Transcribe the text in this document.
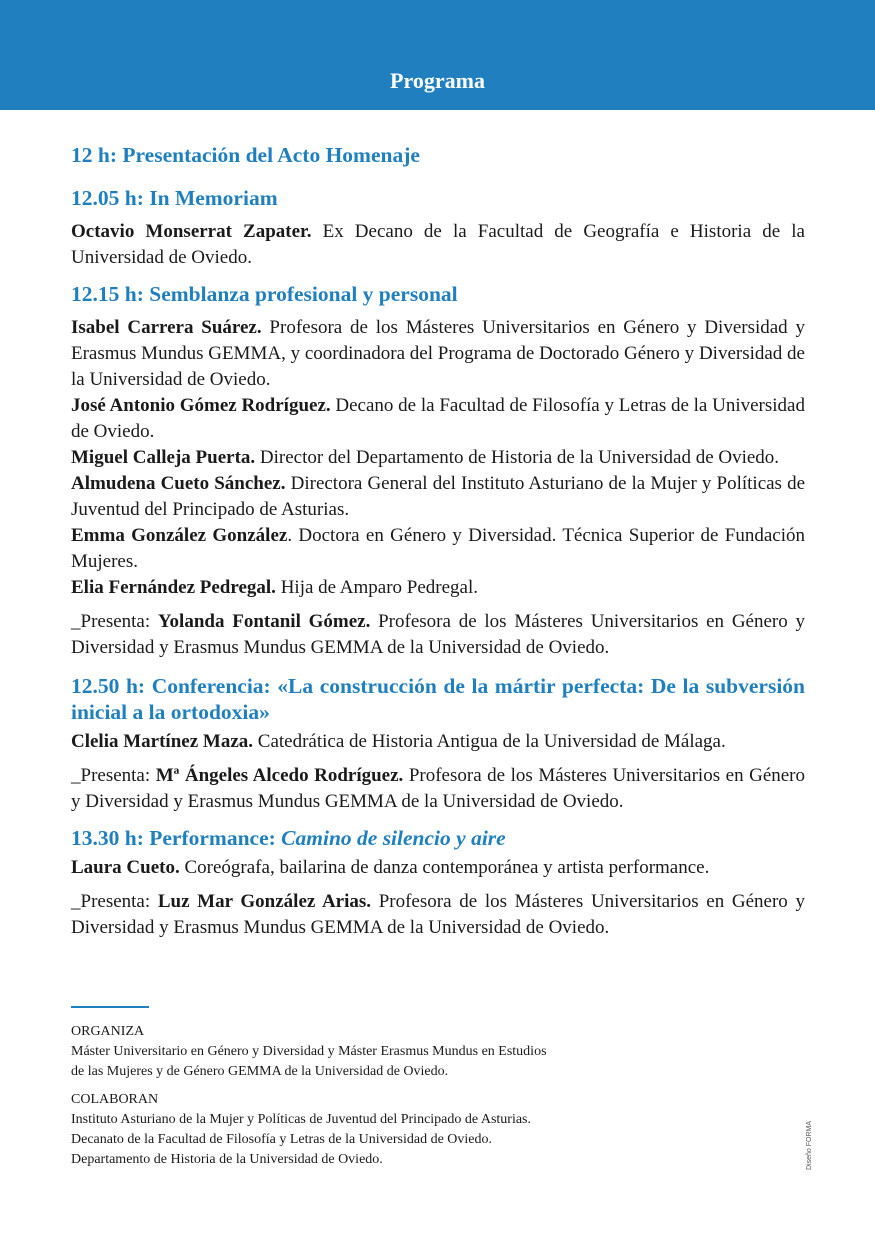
Programa
12 h: Presentación del Acto Homenaje
12.05 h: In Memoriam

Octavio Monserrat Zapater. Ex Decano de la Facultad de Geografía e Historia de la Universidad de Oviedo.

12.15 h: Semblanza profesional y personal

Isabel Carrera Suárez. Profesora de los Másteres Universitarios en Género y Diversidad y Erasmus Mundus GEMMA, y coordinadora del Programa de Doctorado Género y Diversidad de la Universidad de Oviedo.

José Antonio Gómez Rodríguez. Decano de la Facultad de Filosofía y Letras de la Universidad de Oviedo.

Miguel Calleja Puerta. Director del Departamento de Historia de la Universidad de Oviedo.

Almudena Cueto Sánchez. Directora General del Instituto Asturiano de la Mujer y Políticas de Juventud del Principado de Asturias.

Emma González González. Doctora en Género y Diversidad. Técnica Superior de Fundación Mujeres.

Elia Fernández Pedregal. Hija de Amparo Pedregal.

_Presenta: Yolanda Fontanil Gómez. Profesora de los Másteres Universitarios en Género y Diversidad y Erasmus Mundus GEMMA de la Universidad de Oviedo.

12.50 h: Conferencia: «La construcción de la mártir perfecta: De la subversión inicial a la ortodoxia»

Clelia Martínez Maza. Catedrática de Historia Antigua de la Universidad de Málaga.

_Presenta: Mª Ángeles Alcedo Rodríguez. Profesora de los Másteres Universitarios en Género y Diversidad y Erasmus Mundus GEMMA de la Universidad de Oviedo.

13.30 h: Performance: Camino de silencio y aire

Laura Cueto. Coreógrafa, bailarina de danza contemporánea y artista performance.

_Presenta: Luz Mar González Arias. Profesora de los Másteres Universitarios en Género y Diversidad y Erasmus Mundus GEMMA de la Universidad de Oviedo.

ORGANIZA
Máster Universitario en Género y Diversidad y Máster Erasmus Mundus en Estudios
de las Mujeres y de Género GEMMA de la Universidad de Oviedo.
COLABORAN
Instituto Asturiano de la Mujer y Políticas de Juventud del Principado de Asturias.
Decanato de la Facultad de Filosofía y Letras de la Universidad de Oviedo.
Departamento de Historia de la Universidad de Oviedo.	Diseño FORMA
